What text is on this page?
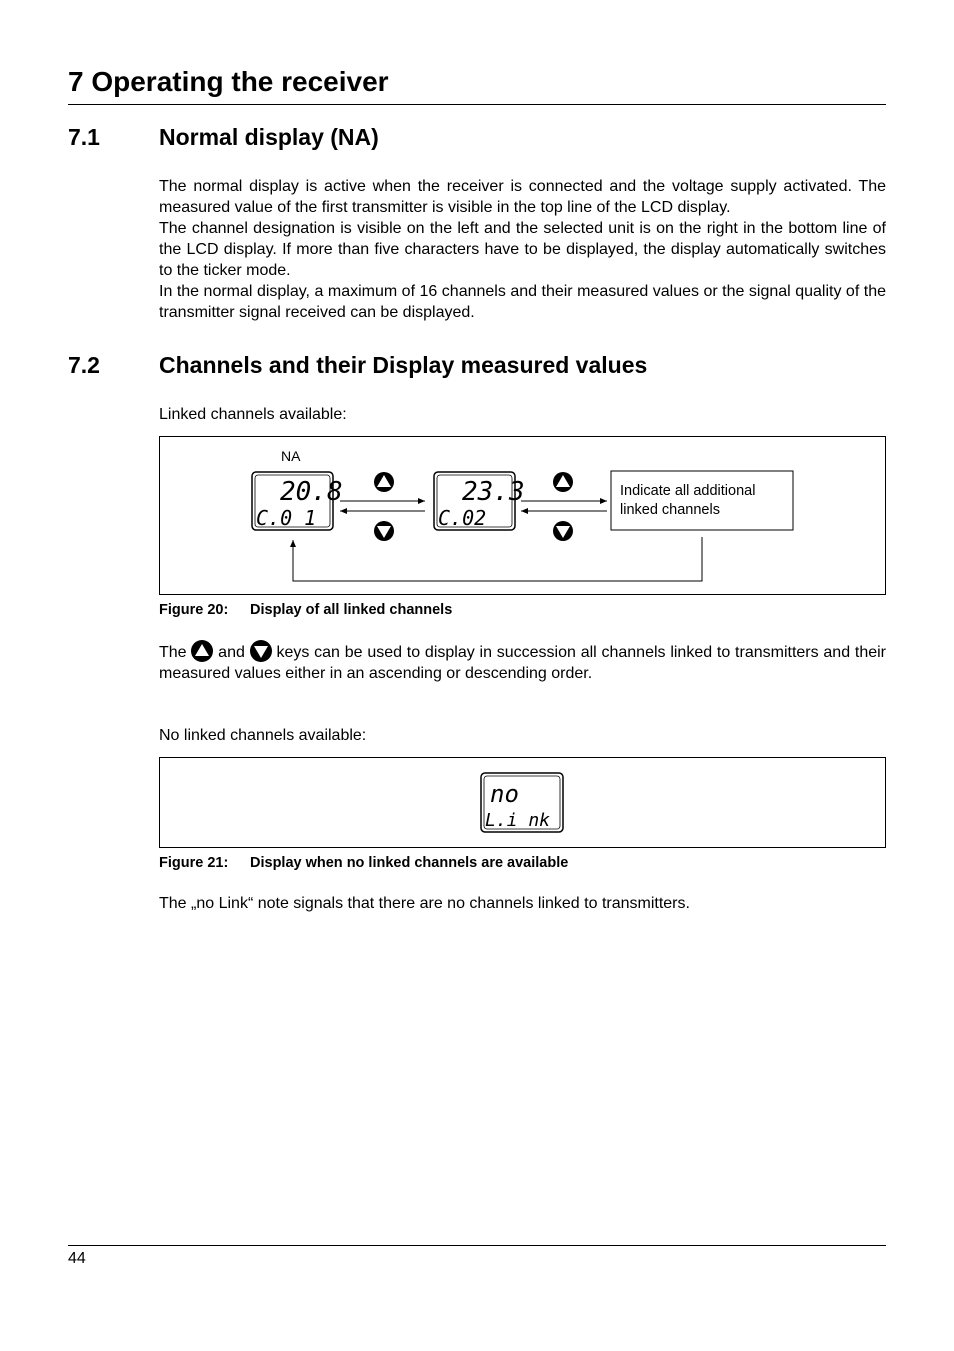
7 Operating the receiver
7.1	Normal display (NA)

The normal display is active when the receiver is connected and the voltage supply activated. The measured value of the first transmitter is visible in the top line of the LCD display.

The channel designation is visible on the left and the selected unit is on the right in the bottom line of the LCD display. If more than five characters have to be displayed, the display automatically switches to the ticker mode.

In the normal display, a maximum of 16 channels and their measured values or the signal quality of the transmitter signal received can be displayed.

7.2	Channels and their Display measured values
Linked channels available:
NA
20.8
C.0 1
23.3
C.02
Indicate all additional linked channels
Figure 20: Display of all linked channels

The and keys can be used to display in succession all channels linked to transmitters and their measured values either in an ascending or descending order.

No linked channels available:
no
L.i nk
Figure 21: Display when no linked channels are available
The „no Link“ note signals that there are no channels linked to transmitters.
44
